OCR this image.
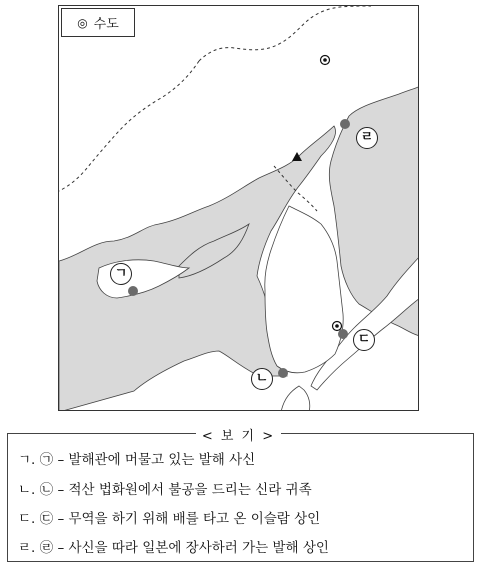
ㄱ
ㄴ
ㄷ
ㄹ
◎ 수도
ㄱ. ㉠ – 발해관에 머물고 있는 발해 사신
ㄴ. ㉡ – 적산 법화원에서 불공을 드리는 신라 귀족
ㄷ. ㉢ – 무역을 하기 위해 배를 타고 온 이슬람 상인
ㄹ. ㉣ – 사신을 따라 일본에 장사하러 가는 발해 상인
< 보 기 >
